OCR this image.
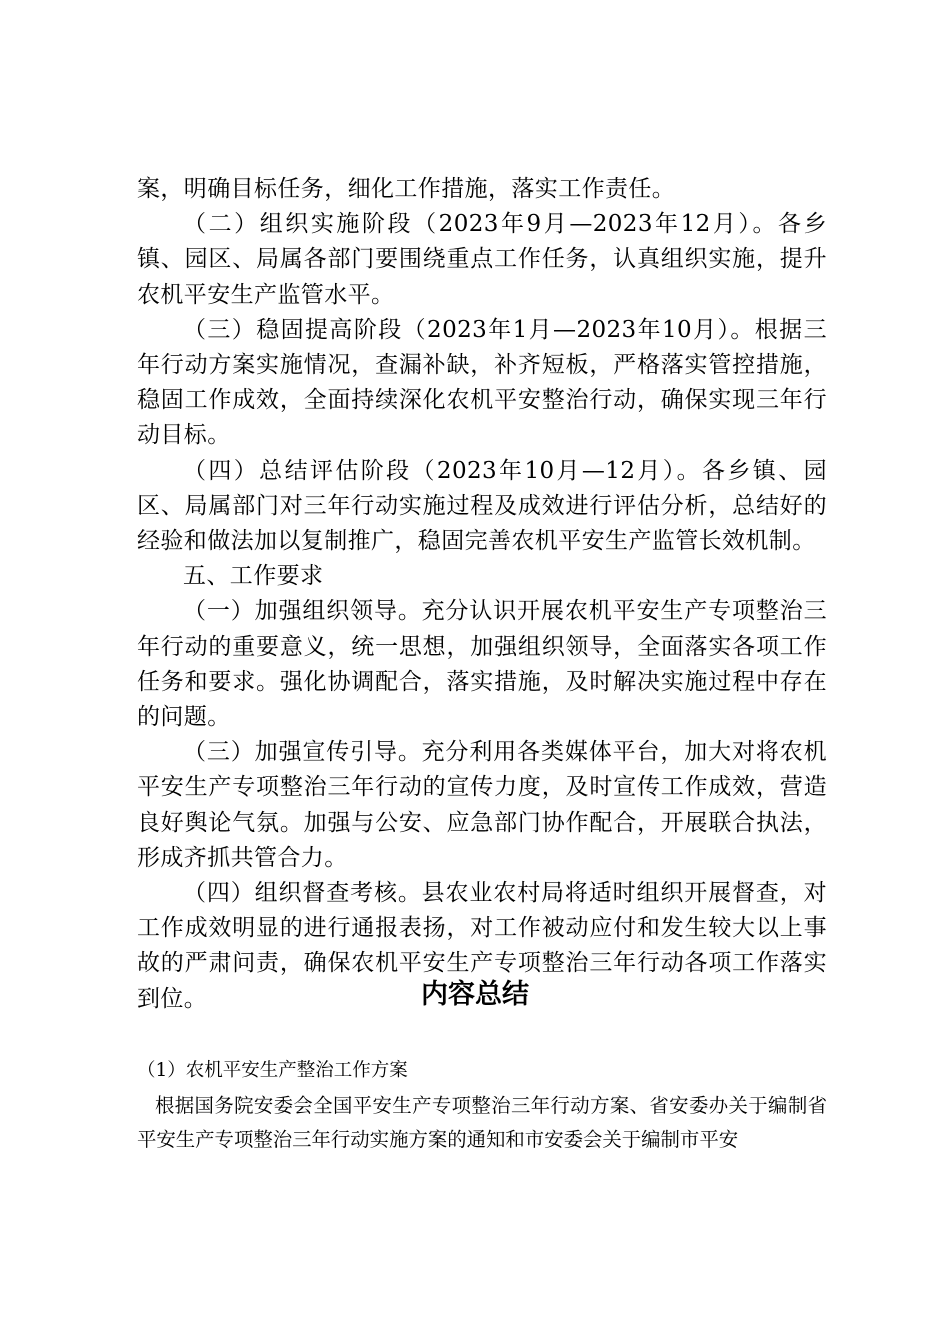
案，明确目标任务，细化工作措施，落实工作责任。

（二）组织实施阶段（2023年9月—2023年12月）。各乡镇、园区、局属各部门要围绕重点工作任务，认真组织实施，提升农机平安生产监管水平。

（三）稳固提高阶段（2023年1月—2023年10月）。根据三年行动方案实施情况，查漏补缺，补齐短板，严格落实管控措施，稳固工作成效，全面持续深化农机平安整治行动，确保实现三年行动目标。

（四）总结评估阶段（2023年10月—12月）。各乡镇、园区、局属部门对三年行动实施过程及成效进行评估分析，总结好的经验和做法加以复制推广，稳固完善农机平安生产监管长效机制。

五、工作要求

（一）加强组织领导。充分认识开展农机平安生产专项整治三年行动的重要意义，统一思想，加强组织领导，全面落实各项工作任务和要求。强化协调配合，落实措施，及时解决实施过程中存在的问题。

（三）加强宣传引导。充分利用各类媒体平台，加大对将农机平安生产专项整治三年行动的宣传力度，及时宣传工作成效，营造良好舆论气氛。加强与公安、应急部门协作配合，开展联合执法，形成齐抓共管合力。

（四）组织督查考核。县农业农村局将适时组织开展督查，对工作成效明显的进行通报表扬，对工作被动应付和发生较大以上事故的严肃问责，确保农机平安生产专项整治三年行动各项工作落实到位。	内容总结

（1）农机平安生产整治工作方案

根据国务院安委会全国平安生产专项整治三年行动方案、省安委办关于编制省平安生产专项整治三年行动实施方案的通知和市安委会关于编制市平安
